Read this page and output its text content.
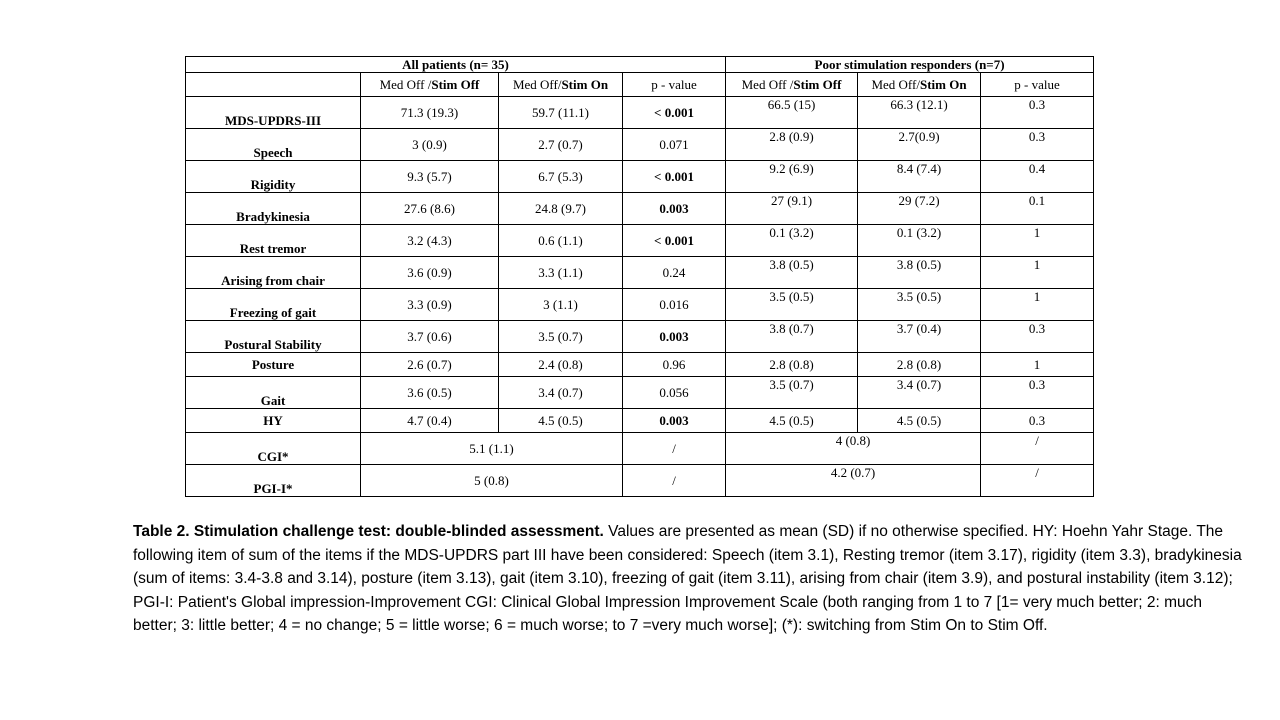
All patients (n= 35)				Poor stimulation responders (n=7)		
	Med Off /Stim Off	Med Off/Stim On	p - value	Med Off /Stim Off	Med Off/Stim On	p - value
MDS-UPDRS-III	71.3 (19.3)	59.7 (11.1)	< 0.001	66.5 (15)	66.3 (12.1)	0.3
Speech	3 (0.9)	2.7 (0.7)	0.071	2.8 (0.9)	2.7(0.9)	0.3
Rigidity	9.3 (5.7)	6.7 (5.3)	< 0.001	9.2 (6.9)	8.4 (7.4)	0.4
Bradykinesia	27.6 (8.6)	24.8 (9.7)	0.003	27 (9.1)	29 (7.2)	0.1
Rest tremor	3.2 (4.3)	0.6 (1.1)	< 0.001	0.1 (3.2)	0.1 (3.2)	1
Arising from chair	3.6 (0.9)	3.3 (1.1)	0.24	3.8 (0.5)	3.8 (0.5)	1
Freezing of gait	3.3 (0.9)	3 (1.1)	0.016	3.5 (0.5)	3.5 (0.5)	1
Postural Stability	3.7 (0.6)	3.5 (0.7)	0.003	3.8 (0.7)	3.7 (0.4)	0.3
Posture	2.6 (0.7)	2.4 (0.8)	0.96	2.8 (0.8)	2.8 (0.8)	1
Gait	3.6 (0.5)	3.4 (0.7)	0.056	3.5 (0.7)	3.4 (0.7)	0.3
HY	4.7 (0.4)	4.5 (0.5)	0.003	4.5 (0.5)	4.5 (0.5)	0.3
CGI*	5.1 (1.1)		/	4 (0.8)		/
PGI-I*	5 (0.8)		/	4.2 (0.7)		/
Table 2. Stimulation challenge test: double-blinded assessment. Values are presented as mean (SD) if no otherwise specified. HY: Hoehn Yahr Stage. The following item of sum of the items if the MDS-UPDRS part III have been considered: Speech (item 3.1), Resting tremor (item 3.17), rigidity (item 3.3), bradykinesia (sum of items: 3.4-3.8 and 3.14), posture (item 3.13), gait (item 3.10), freezing of gait (item 3.11), arising from chair (item 3.9), and postural instability (item 3.12); PGI-I: Patient's Global impression-Improvement CGI: Clinical Global Impression Improvement Scale (both ranging from 1 to 7 [1= very much better; 2: much better; 3: little better; 4 = no change; 5 = little worse; 6 = much worse; to 7 =very much worse]; (*): switching from Stim On to Stim Off.
